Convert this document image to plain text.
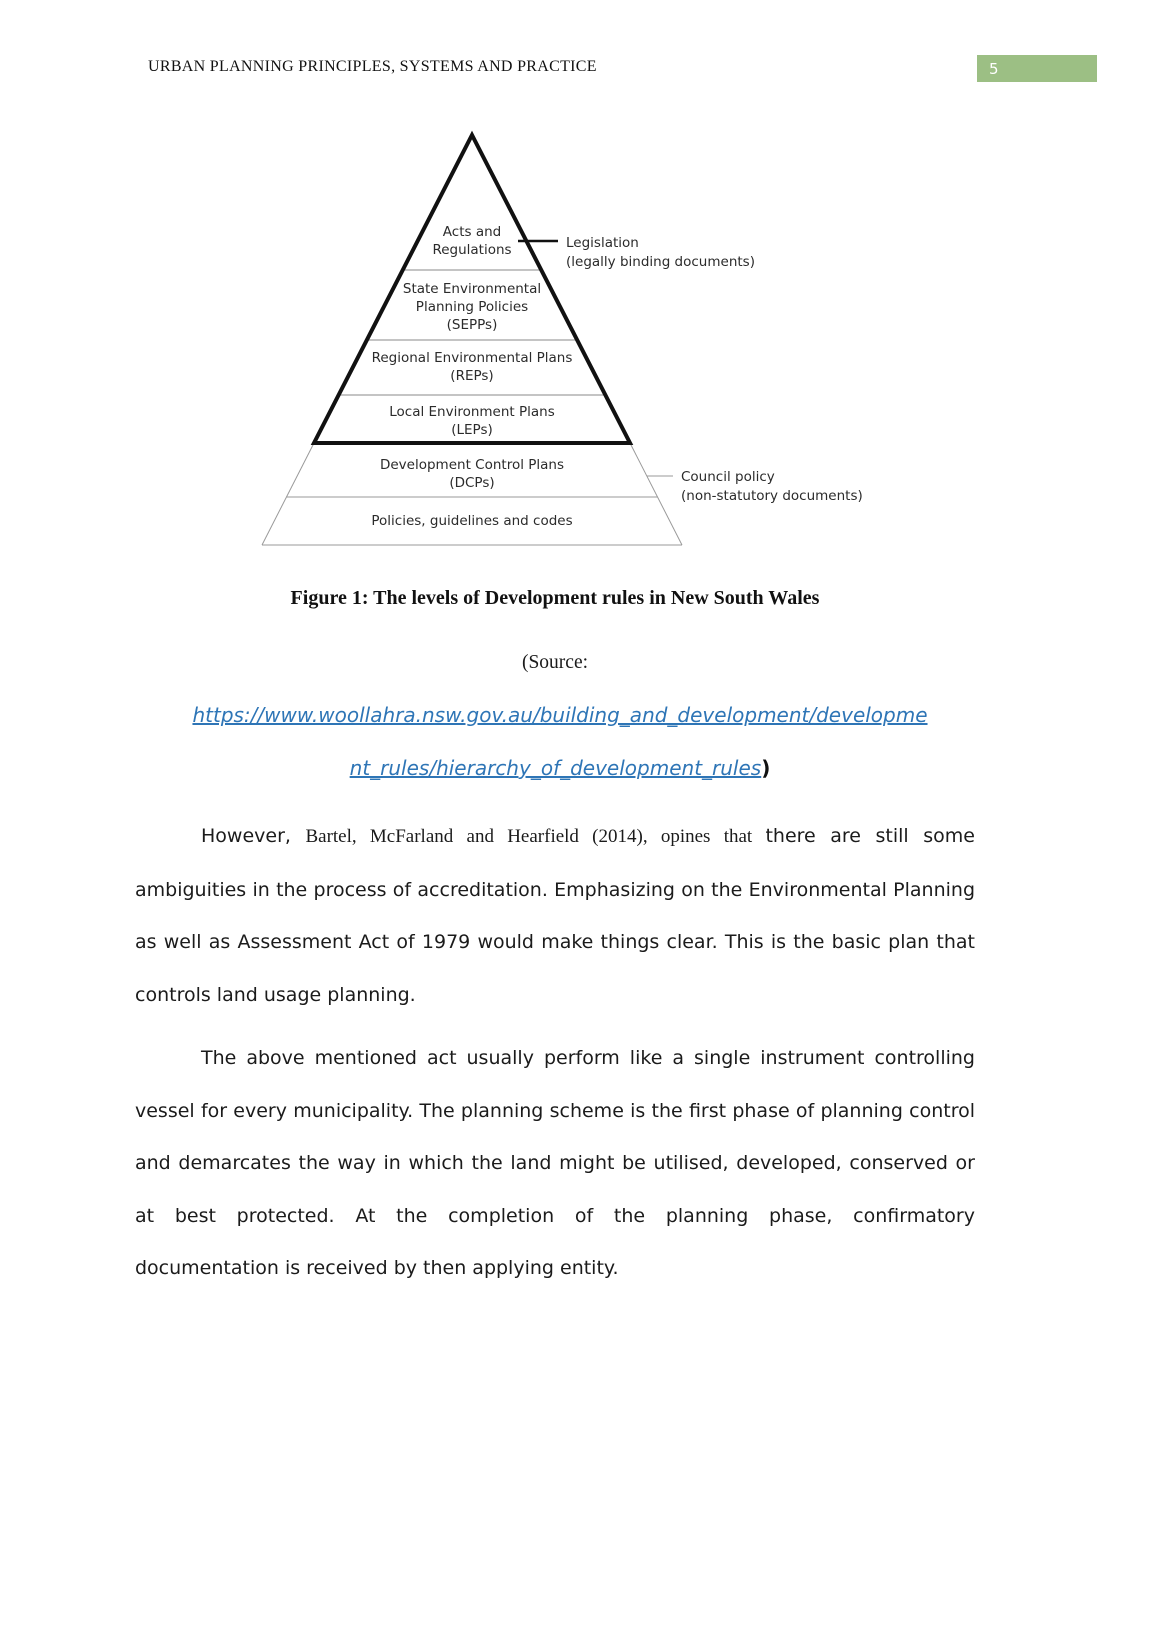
URBAN PLANNING PRINCIPLES, SYSTEMS AND PRACTICE	5
Acts and
Regulations
State Environmental
Planning Policies
(SEPPs)
Regional Environmental Plans
(REPs)
Local Environment Plans
(LEPs)
Development Control Plans
(DCPs)
Policies, guidelines and codes
Legislation
(legally binding documents)
Council policy
(non-statutory documents)
Figure 1: The levels of Development rules in New South Wales
(Source:
https://www.woollahra.nsw.gov.au/building_and_development/developme
nt_rules/hierarchy_of_development_rules)

However, Bartel, McFarland and Hearfield (2014), opines that there are still some ambiguities in the process of accreditation. Emphasizing on the Environmental Planning as well as Assessment Act of 1979 would make things clear. This is the basic plan that controls land usage planning.

The above mentioned act usually perform like a single instrument controlling vessel for every municipality. The planning scheme is the first phase of planning control and demarcates the way in which the land might be utilised, developed, conserved or at best protected. At the completion of the planning phase, confirmatory documentation is received by then applying entity.
